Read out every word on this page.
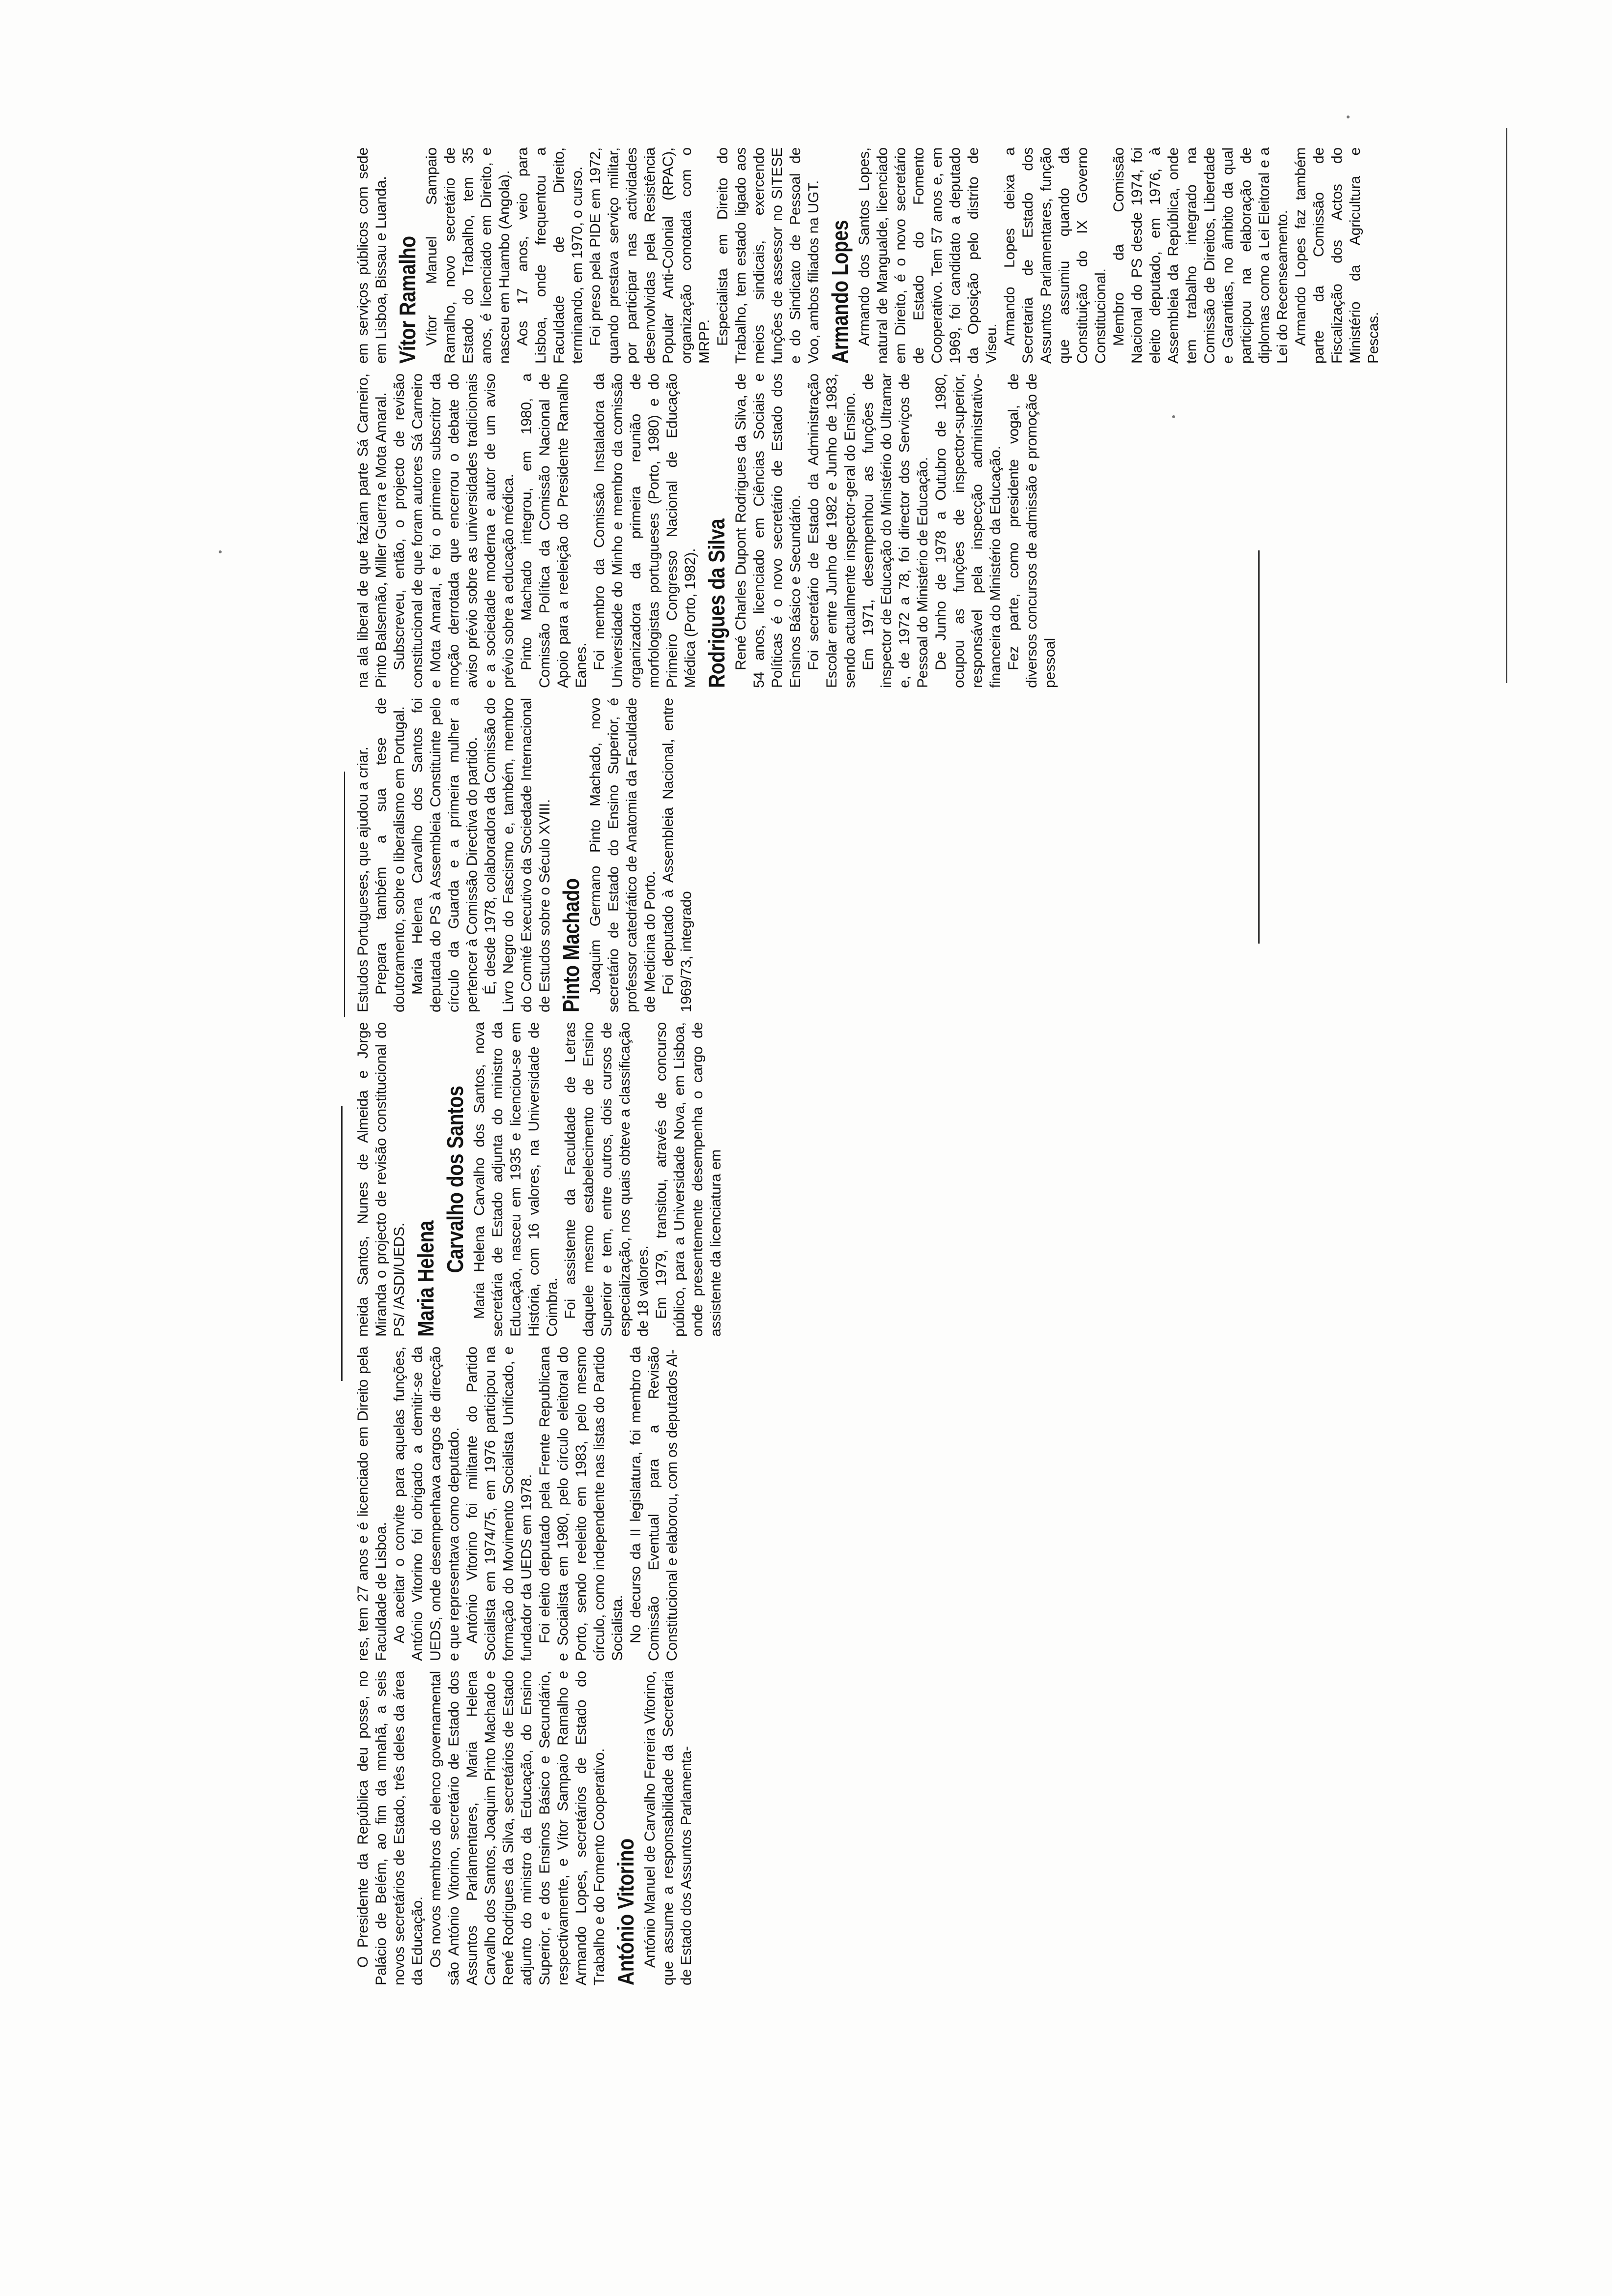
O Presidente da República deu posse, no Palácio de Belém, ao fim da mnahã, a seis novos secretários de Estado, três deles da área da Educação. Os novos membros do elenco governamental são António Vitorino, secretário de Estado dos Assuntos Parlamentares, Maria Helena Carvalho dos Santos, Joaquim Pinto Machado e René Rodrigues da Silva, secretários de Estado adjunto do ministro da Educação, do Ensino Superior, e dos Ensinos Básico e Secundário, respectivamente, e Vítor Sampaio Ramalho e Armando Lopes, secretários de Estado do Trabalho e do Fomento Cooperativo. António Vitorino António Manuel de Carvalho Ferreira Vitorino, que assume a responsabilidade da Secretaria de Estado dos Assuntos Parlamenta-

res, tem 27 anos e é licenciado em Direito pela Faculdade de Lisboa. Ao aceitar o convite para aquelas funções, António Vitorino foi obrigado a demitir-se da UEDS, onde desempenhava cargos de direcção e que representava como deputado. António Vitorino foi militante do Partido Socialista em 1974/75, em 1976 participou na formação do Movimento Socialista Unificado, e fundador da UEDS em 1978. Foi eleito deputado pela Frente Republicana e Socialista em 1980, pelo círculo eleitoral do Porto, sendo reeleito em 1983, pelo mesmo círculo, como independente nas listas do Partido Socialista. No decurso da II legislatura, foi membro da Comissão Eventual para a Revisão Constitucional e elaborou, com os deputados Al-

meida Santos, Nunes de Almeida e Jorge Miranda o projecto de revisão constitucional do PS/ /ASDI/UEDS. Maria Helena
Carvalho dos Santos Maria Helena Carvalho dos Santos, nova secretária de Estado adjunta do ministro da Educação, nasceu em 1935 e licenciou-se em História, com 16 valores, na Universidade de Coimbra. Foi assistente da Faculdade de Letras daquele mesmo estabelecimento de Ensino Superior e tem, entre outros, dois cursos de especialização, nos quais obteve a classificação de 18 valores. Em 1979, transitou, através de concurso público, para a Universidade Nova, em Lisboa, onde presentemente desempenha o cargo de assistente da licenciatura em

Estudos Portugueses, que ajudou a criar. Prepara também a sua tese de doutoramento, sobre o liberalismo em Portugal. Maria Helena Carvalho dos Santos foi deputada do PS à Assembleia Constituinte pelo círculo da Guarda e a primeira mulher a pertencer à Comissão Directiva do partido. É, desde 1978, colaboradora da Comissão do Livro Negro do Fascismo e, também, membro do Comité Executivo da Sociedade Internacional de Estudos sobre o Século XVIII. Pinto Machado Joaquim Germano Pinto Machado, novo secretário de Estado do Ensino Superior, é professor catedrático de Anatomia da Faculdade de Medicina do Porto. Foi deputado à Assembleia Nacional, entre 1969/73, integrado

na ala liberal de que faziam parte Sá Carneiro, Pinto Balsemão, Miller Guerra e Mota Amaral. Subscreveu, então, o projecto de revisão constitucional de que foram autores Sá Carneiro e Mota Amaral, e foi o primeiro subscritor da moção derrotada que encerrou o debate do aviso prévio sobre as universidades tradicionais e a sociedade moderna e autor de um aviso prévio sobre a educação médica. Pinto Machado integrou, em 1980, a Comissão Política da Comissão Nacional de Apoio para a reeleição do Presidente Ramalho Eanes. Foi membro da Comissão Instaladora da Universidade do Minho e membro da comissão organizadora da primeira reunião de morfologistas portugueses (Porto, 1980) e do Primeiro Congresso Nacional de Educação Médica (Porto, 1982). Rodrigues da Silva René Charles Dupont Rodrigues da Silva, de 54 anos, licenciado em Ciências Sociais e Políticas é o novo secretário de Estado dos Ensinos Básico e Secundário. Foi secretário de Estado da Administração Escolar entre Junho de 1982 e Junho de 1983, sendo actualmente inspector-geral do Ensino. Em 1971, desempenhou as funções de inspector de Educação do Ministério do Ultramar e, de 1972 a 78, foi director dos Serviços de Pessoal do Ministério de Educação. De Junho de 1978 a Outubro de 1980, ocupou as funções de inspector-superior, responsável pela inspecção administrativo-financeira do Ministério da Educação. Fez parte, como presidente vogal, de diversos concursos de admissão e promoção de pessoal

em serviços públicos com sede em Lisboa, Bissau e Luanda. Vítor Ramalho Vítor Manuel Sampaio Ramalho, novo secretário de Estado do Trabalho, tem 35 anos, é licenciado em Direito, e nasceu em Huambo (Angola). Aos 17 anos, veio para Lisboa, onde frequentou a Faculdade de Direito, terminando, em 1970, o curso. Foi preso pela PIDE em 1972, quando prestava serviço militar, por participar nas actividades desenvolvidas pela Resistência Popular Anti-Colonial (RPAC), organização conotada com o MRPP. Especialista em Direito do Trabalho, tem estado ligado aos meios sindicais, exercendo funções de assessor no SITESE e do Sindicato de Pessoal de Voo, ambos filiados na UGT. Armando Lopes Armando dos Santos Lopes, natural de Mangualde, licenciado em Direito, é o novo secretário de Estado do Fomento Cooperativo. Tem 57 anos e, em 1969, foi candidato a deputado da Oposição pelo distrito de Viseu. Armando Lopes deixa a Secretaria de Estado dos Assuntos Parlamentares, função que assumiu quando da Constituição do IX Governo Constitucional. Membro da Comissão Nacional do PS desde 1974, foi eleito deputado, em 1976, à Assembleia da República, onde tem trabalho integrado na Comissão de Direitos, Liberdade e Garantias, no âmbito da qual participou na elaboração de diplomas como a Lei Eleitoral e a Lei do Recenseamento. Armando Lopes faz também parte da Comissão de Fiscalização dos Actos do Ministério da Agricultura e Pescas.
